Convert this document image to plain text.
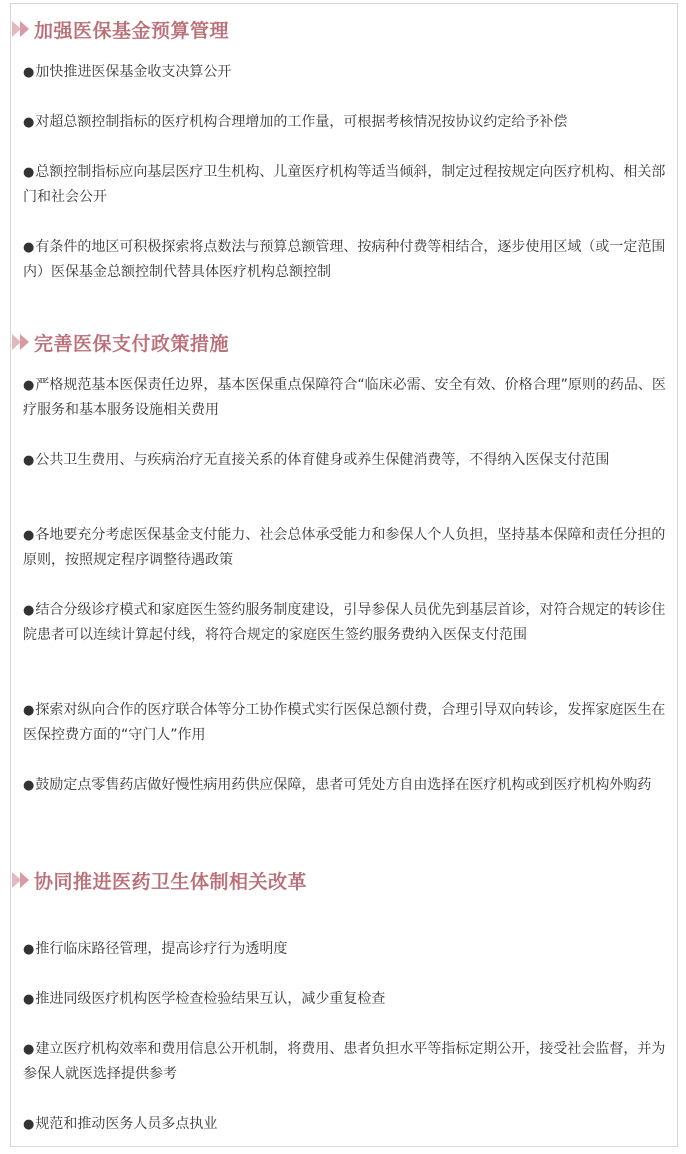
加强医保基金预算管理
●加快推进医保基金收支决算公开
●对超总额控制指标的医疗机构合理增加的工作量，可根据考核情况按协议约定给予补偿
●总额控制指标应向基层医疗卫生机构、儿童医疗机构等适当倾斜，制定过程按规定向医疗机构、相关部门和社会公开
●有条件的地区可积极探索将点数法与预算总额管理、按病种付费等相结合，逐步使用区域（或一定范围内）医保基金总额控制代替具体医疗机构总额控制
完善医保支付政策措施
●严格规范基本医保责任边界，基本医保重点保障符合“临床必需、安全有效、价格合理”原则的药品、医疗服务和基本服务设施相关费用
●公共卫生费用、与疾病治疗无直接关系的体育健身或养生保健消费等，不得纳入医保支付范围
●各地要充分考虑医保基金支付能力、社会总体承受能力和参保人个人负担，坚持基本保障和责任分担的原则，按照规定程序调整待遇政策
●结合分级诊疗模式和家庭医生签约服务制度建设，引导参保人员优先到基层首诊，对符合规定的转诊住院患者可以连续计算起付线，将符合规定的家庭医生签约服务费纳入医保支付范围
●探索对纵向合作的医疗联合体等分工协作模式实行医保总额付费，合理引导双向转诊，发挥家庭医生在医保控费方面的“守门人”作用
●鼓励定点零售药店做好慢性病用药供应保障，患者可凭处方自由选择在医疗机构或到医疗机构外购药
协同推进医药卫生体制相关改革
●推行临床路径管理，提高诊疗行为透明度
●推进同级医疗机构医学检查检验结果互认，减少重复检查
●建立医疗机构效率和费用信息公开机制，将费用、患者负担水平等指标定期公开，接受社会监督，并为参保人就医选择提供参考
●规范和推动医务人员多点执业
